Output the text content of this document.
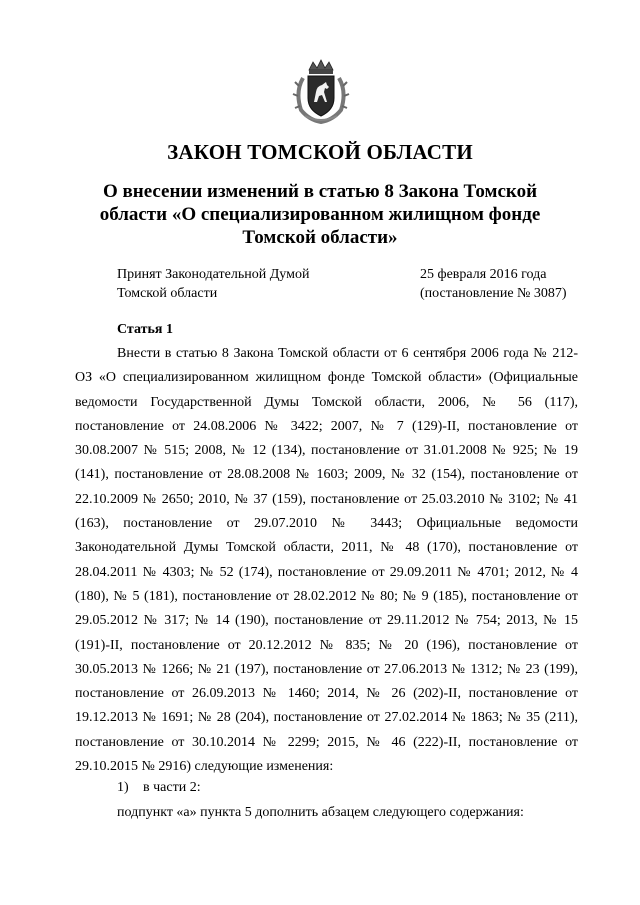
ЗАКОН ТОМСКОЙ ОБЛАСТИ
О внесении изменений в статью 8 Закона Томской области «О специализированном жилищном фонде Томской области»
Принят Законодательной Думой
Томской области
25 февраля 2016 года
(постановление № 3087)
Статья 1
Внести в статью 8 Закона Томской области от 6 сентября 2006 года № 212-ОЗ «О специализированном жилищном фонде Томской области» (Официальные ведомости Государственной Думы Томской области, 2006, № 56 (117), постановление от 24.08.2006 № 3422; 2007, № 7 (129)-II, постановление от 30.08.2007 № 515; 2008, № 12 (134), постановление от 31.01.2008 № 925; № 19 (141), постановление от 28.08.2008 № 1603; 2009, № 32 (154), постановление от 22.10.2009 № 2650; 2010, № 37 (159), постановление от 25.03.2010 № 3102; № 41 (163), постановление от 29.07.2010 № 3443; Официальные ведомости Законодательной Думы Томской области, 2011, № 48 (170), постановление от 28.04.2011 № 4303; № 52 (174), постановление от 29.09.2011 № 4701; 2012, № 4 (180), № 5 (181), постановление от 28.02.2012 № 80; № 9 (185), постановление от 29.05.2012 № 317; № 14 (190), постановление от 29.11.2012 № 754; 2013, № 15 (191)-II, постановление от 20.12.2012 № 835; № 20 (196), постановление от 30.05.2013 № 1266; № 21 (197), постановление от 27.06.2013 № 1312; № 23 (199), постановление от 26.09.2013 № 1460; 2014, № 26 (202)-II, постановление от 19.12.2013 № 1691; № 28 (204), постановление от 27.02.2014 № 1863; № 35 (211), постановление от 30.10.2014 № 2299; 2015, № 46 (222)-II, постановление от 29.10.2015 № 2916) следующие изменения:
1) в части 2:
подпункт «а» пункта 5 дополнить абзацем следующего содержания:
